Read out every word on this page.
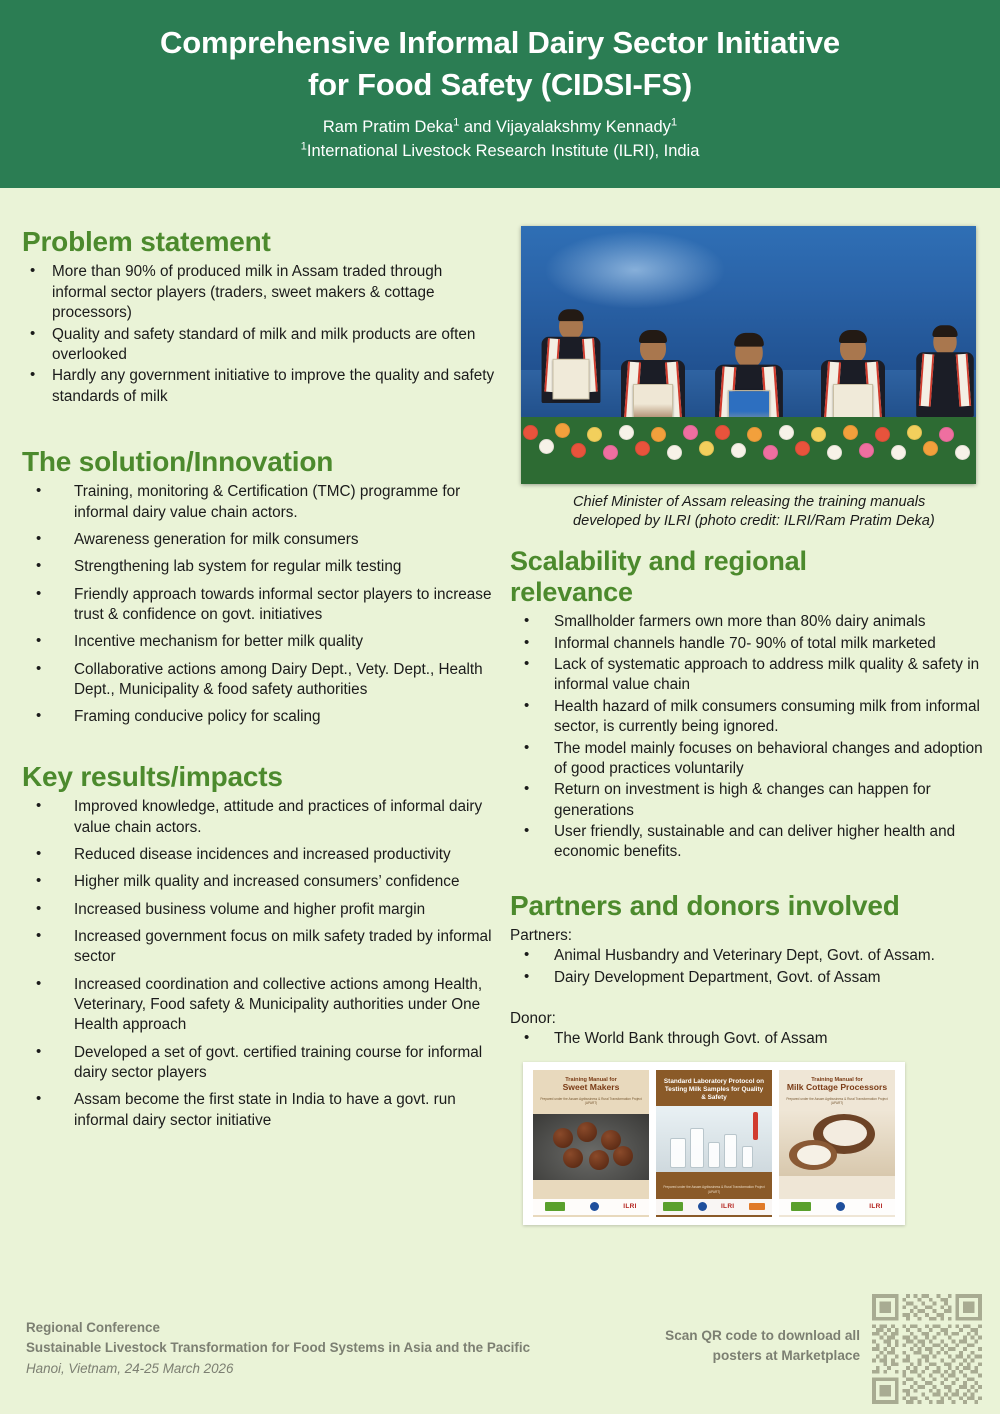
Comprehensive Informal Dairy Sector Initiative
for Food Safety (CIDSI-FS)
Ram Pratim Deka$^1$ and Vijayalakshmy Kennady$^1$
$^1$International Livestock Research Institute (ILRI), India
Problem statement
• More than 90% of produced milk in Assam traded through informal sector players (traders, sweet makers & cottage processors)
• Quality and safety standard of milk and milk products are often overlooked
• Hardly any government initiative to improve the quality and safety standards of milk
The solution/Innovation
• Training, monitoring & Certification (TMC) programme for informal dairy value chain actors.
• Awareness generation for milk consumers
• Strengthening lab system for regular milk testing
• Friendly approach towards informal sector players to increase trust & confidence on govt. initiatives
• Incentive mechanism for better milk quality
• Collaborative actions among Dairy Dept., Vety. Dept., Health Dept., Municipality & food safety authorities
• Framing conducive policy for scaling
Key results/impacts
• Improved knowledge, attitude and practices of informal dairy value chain actors.
• Reduced disease incidences and increased productivity
• Higher milk quality and increased consumers’ confidence
• Increased business volume and higher profit margin
• Increased government focus on milk safety traded by informal sector
• Increased coordination and collective actions among Health, Veterinary, Food safety & Municipality authorities under One Health approach
• Developed a set of govt. certified training course for informal dairy sector players
• Assam become the first state in India to have a govt. run informal dairy sector initiative
Chief Minister of Assam releasing the training manuals developed by ILRI (photo credit: ILRI/Ram Pratim Deka)
Scalability and regional
relevance
• Smallholder farmers own more than 80% dairy animals
• Informal channels handle 70- 90% of total milk marketed
• Lack of systematic approach to address milk quality & safety in informal value chain
• Health hazard of milk consumers consuming milk from informal sector, is currently being ignored.
• The model mainly focuses on behavioral changes and adoption of good practices voluntarily
• Return on investment is high & changes can happen for generations
• User friendly, sustainable and can deliver higher health and economic benefits.
Partners and donors involved
Partners:
• Animal Husbandry and Veterinary Dept, Govt. of Assam.
• Dairy Development Department, Govt. of Assam
Donor:
• The World Bank through Govt. of Assam
Training Manual for
Sweet Makers
Prepared under the Assam Agribusiness & Rural Transformation Project (APART)
ILRI
Standard Laboratory Protocol on Testing Milk Samples for Quality & Safety
Prepared under the Assam Agribusiness & Rural Transformation Project (APART)
ILRI
Training Manual for
Milk Cottage Processors
Prepared under the Assam Agribusiness & Rural Transformation Project (APART)
ILRI
Regional Conference
Sustainable Livestock Transformation for Food Systems in Asia and the Pacific
Hanoi, Vietnam, 24-25 March 2026
Scan QR code to download all
posters at Marketplace
